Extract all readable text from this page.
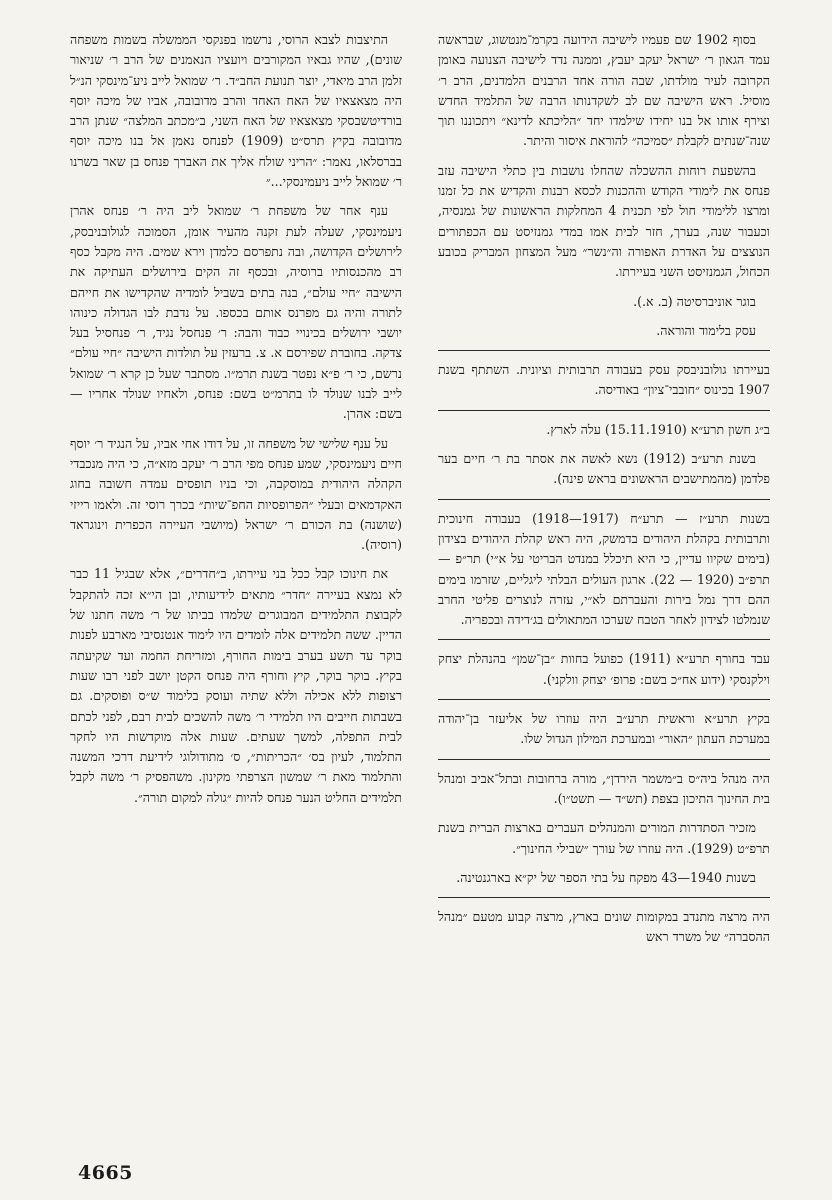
התיצבות לצבא הרוסי, נרשמו בפנקסי הממשלה בשמות משפחה שונים), שהיו גבאיו המקורבים ויועציו הנאמנים של הרב ר׳ שניאור זלמן הרב מיאדי, יוצר תנועת החב״ד. ר׳ שמואל לייב ניע־מינסקי הנ״ל היה מצאצאיו של האח האחד והרב מדובובה, אביו של מיכה יוסף בורדיטשבסקי מצאצאיו של האח השני, ב״מכתב המלצה״ שנתן הרב מדובובה בקיץ תרס״ט (1909) לפנחס נאמן אל בנו מיכה יוסף בברסלאו, נאמר: ״הריני שולח אליך את האברך פנחס בן שאר בשרנו ר׳ שמואל לייב ניעמינסקי...״

ענף אחר של משפחת ר׳ שמואל ליב היה ר׳ פנחס אהרן ניעמינסקי, שעלה לעת זקנה מהעיר אומן, הסמוכה לגולובניבסק, לירושלים הקדושה, ובה נתפרסם כלמדן וירא שמים. היה מקבל כסף רב מהכנסותיו ברוסיה, ובכסף זה הקים בירושלים העתיקה את הישיבה ״חיי עולם״, בנה בתים בשביל לומדיה שהקדישו את חייהם לתורה והיה גם מפרנס אותם בכספו. על נדבת לבו הגדולה כינוהו יושבי ירושלים בכינויי כבוד והבה: ר׳ פנחסל נגיד, ר׳ פנחסיל בעל צדקה. בחוברת שפירסם א. צ. ברעזין על תולדות הישיבה ״חיי עולם״ נרשם, כי ר׳ פ״א נפטר בשנת תרמ״ו. מסתבר שעל כן קרא ר׳ שמואל לייב לבנו שנולד לו בתרמ״ט בשם: פנחס, ולאחיו שנולד אחריו — בשם: אהרן.

על ענף שלישי של משפחה זו, על דודו אחי אביו, על הנגיד ר׳ יוסף חיים ניעמינסקי, שמע פנחס מפי הרב ר׳ יעקב מזא״ה, כי היה מנכבדי הקהלה היהודית במוסקבה, וכי בניו תופסים עמדה חשובה בחוג האקדמאים ובעלי ״הפרופסיות החפ־שיות״ בכרך רוסי זה. ולאמו רייזי (שושנה) בת הכורם ר׳ ישראל (מיושבי העיירה הכפרית וינוגראד (רוסיה).

את חינוכו קבל ככל בני עיירתו, ב״חדרים״, אלא שבגיל 11 כבר לא נמצא בעיירה ״חדר״ מתאים לידיעותיו, ובן הי״א זכה להתקבל לקבוצת התלמידים המבוגרים שלמדו בביתו של ר׳ משה חתנו של הדיין. ששה תלמידים אלה לומדים היו לימוד אנטנסיבי מארבע לפנות בוקר עד תשע בערב בימות החורף, ומזריחת החמה ועד שקיעתה בקיץ. בוקר בוקר, קיץ וחורף היה פנחס הקטן יושב לפני רבו שעות רצופות ללא אכילה וללא שתיה ועוסק בלימוד ש״ס ופוסקים. גם בשבתות חייבים היו תלמידי ר׳ משה להשכים לבית רבם, לפני לכתם לבית התפלה, למשך שעתים. שעות אלה מוקדשות היו לחקר התלמוד, לעיון בס׳ ״הכריתות״, ס׳ מתודולוגי לידיעת דרכי המשנה והתלמוד מאת ר׳ שמשון הצרפתי מקינון. משהפסיק ר׳ משה לקבל תלמידים החליט הנער פנחס להיות ״גולה למקום תורה״.

בסוף 1902 שם פעמיו לישיבה הידועה בקרמ־מנטשוג, שבראשה עמד הגאון ר׳ ישראל יעקב יעבץ, וממנה נדד לישיבה הצנועה באומן הקרובה לעיר מולדתו, שבה הורה אחד הרבנים הלמדנים, הרב ר׳ מוסיל. ראש הישיבה שם לב לשקדנותו הרבה של התלמיד החדש וצירף אותו אל בנו יחידו שילמדו יחד ״הליכתא לדינא״ ויתכוננו תוך שנה־שנתים לקבלת ״סמיכה״ להוראת איסור והיתר.

בהשפעת רוחות ההשכלה שהחלו נושבות בין כתלי הישיבה עזב פנחס את לימודי הקודש וההכנות לכסא רבנות והקדיש את כל זמנו ומרצו ללימודי חול לפי תכנית 4 המחלקות הראשונות של גמנסיה, וכעבור שנה, בערך, חזר לבית אמו במדי גמנזיסט עם הכפתורים הנוצצים על האדרת האפורה וה״נשר״ מעל המצחון המבריק בכובע הכחול, הגמנזיסט השני בעיירתו.

בוגר אוניברסיטה (ב. א.).

עסק בלימוד והוראה.

בעיירתו גולובניבסק עסק בעבודה תרבותית וציונית. השתתף בשנת 1907 בכינוס ״חובבי־ציון״ באודיסה.

ב״ג חשון תרע״א (15.11.1910) עלה לארץ.

בשנת תרע״ב (1912) נשא לאשה את אסתר בת ר׳ חיים בער פלדמן (מהמתישבים הראשונים בראש פינה).

בשנות תרע״ז — תרע״ח (1917—1918) בעבודה חינוכית ותרבותית בקהלת היהודים בדמשק, היה ראש קהלת היהודים בצידון (בימים שקיוו עדיין, כי היא תיכלל במנדט הבריטי על א״י) תר״פ — תרפ״ב (1920 — 22). ארגון העולים הבלתי ליגליים, שזרמו בימים ההם דרך נמל בירות והעברתם לא״י, עזרה לנוצרים פליטי החרב שנמלטו לצידון לאחר הטבח שערכו המתאולים בג׳דידה ובכפריה.

עבד בחורף תרע״א (1911) כפועל בחוות ״בן־שמן״ בהנהלת יצחק וילקנסקי (ידוע אח״כ בשם: פרופ׳ יצחק וולקני).

בקיץ תרע״א וראשית תרע״ב היה עוזרו של אליעזר בן־יהודה במערכת העתון ״האור״ ובמערכת המילון הגדול שלו.

היה מנהל ביה״ס ב״משמר הירדן״, מורה ברחובות ובתל־אביב ומנהל בית החינוך התיכון בצפת (תש״ד — תשט״ו).

מזכיר הסתדרות המורים והמנהלים העברים בארצות הברית בשנת תרפ״ט (1929). היה עוזרו של עורך ״שבילי החינוך״.

בשנות 1940—43 מפקח על בתי הספר של יק״א בארגנטינה.

היה מרצה מתנדב במקומות שונים בארץ, מרצה קבוע מטעם ״מנהל ההסברה״ של משרד ראש

4665
